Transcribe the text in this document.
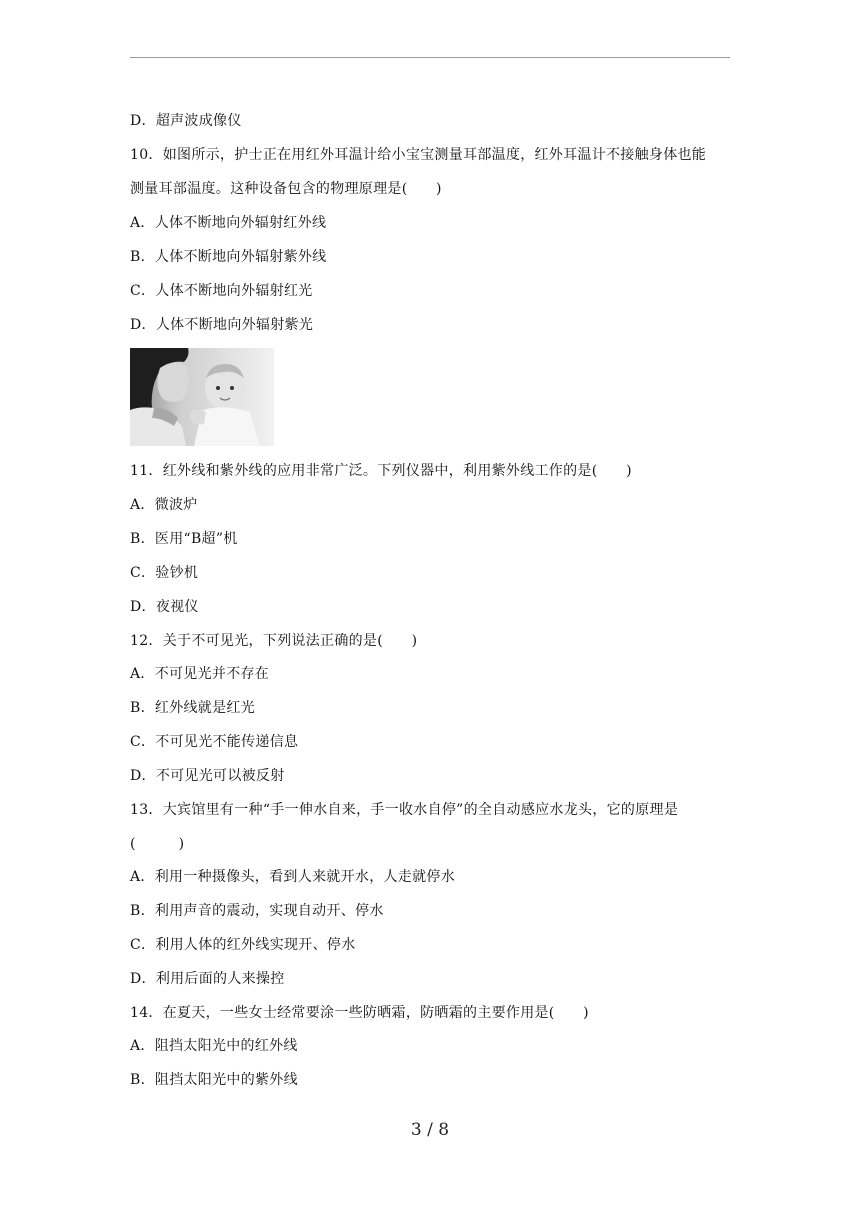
D．超声波成像仪
10．如图所示，护士正在用红外耳温计给小宝宝测量耳部温度，红外耳温计不接触身体也能
测量耳部温度。这种设备包含的物理原理是(　　)
A．人体不断地向外辐射红外线
B．人体不断地向外辐射紫外线
C．人体不断地向外辐射红光
D．人体不断地向外辐射紫光
11．红外线和紫外线的应用非常广泛。下列仪器中，利用紫外线工作的是(　　)
A．微波炉
B．医用“B超”机
C．验钞机
D．夜视仪
12．关于不可见光，下列说法正确的是(　　)
A．不可见光并不存在
B．红外线就是红光
C．不可见光不能传递信息
D．不可见光可以被反射
13．大宾馆里有一种“手一伸水自来，手一收水自停”的全自动感应水龙头，它的原理是
(　　　)
A．利用一种摄像头，看到人来就开水，人走就停水
B．利用声音的震动，实现自动开、停水
C．利用人体的红外线实现开、停水
D．利用后面的人来操控
14．在夏天，一些女士经常要涂一些防晒霜，防晒霜的主要作用是(　　)
A．阻挡太阳光中的红外线
B．阻挡太阳光中的紫外线
3 / 8
